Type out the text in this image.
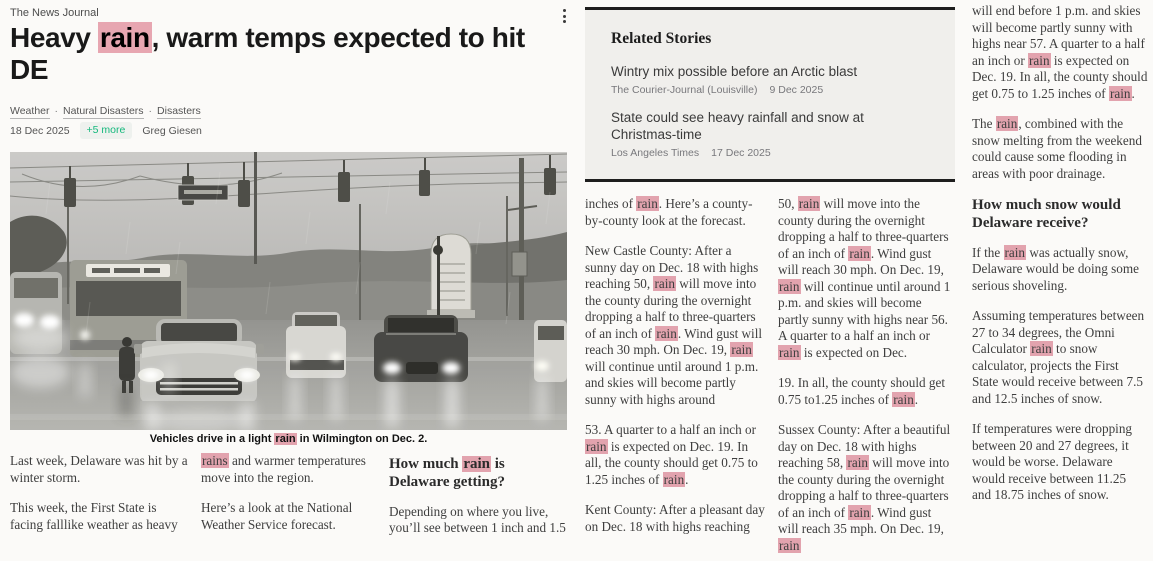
The News Journal
Heavy rain, warm temps expected to hit DE
Weather · Natural Disasters · Disasters
18 Dec 2025	+5 more	Greg Giesen
Vehicles drive in a light rain in Wilmington on Dec. 2.

Last week, Delaware was hit by a winter storm.

This week, the First State is facing falllike weather as heavy

rains and warmer temperatures move into the region.

Here’s a look at the National Weather Service forecast.

How much rain is Delaware getting?

Depending on where you live, you’ll see between 1 inch and 1.5

Related Stories
Wintry mix possible before an Arctic blast
The Courier-Journal (Louisville) 9 Dec 2025
State could see heavy rainfall and snow at Christmas-time
Los Angeles Times 17 Dec 2025

inches of rain. Here’s a county-by-county look at the forecast.

New Castle County: After a sunny day on Dec. 18 with highs reaching 50, rain will move into the county during the overnight dropping a half to three-quarters of an inch of rain. Wind gust will reach 30 mph. On Dec. 19, rain will continue until around 1 p.m. and skies will become partly sunny with highs around

53. A quarter to a half an inch or rain is expected on Dec. 19. In all, the county should get 0.75 to 1.25 inches of rain.

Kent County: After a pleasant day on Dec. 18 with highs reaching

50, rain will move into the county during the overnight dropping a half to three-quarters of an inch of rain. Wind gust will reach 30 mph. On Dec. 19, rain will continue until around 1 p.m. and skies will become partly sunny with highs near 56. A quarter to a half an inch or rain is expected on Dec.

19. In all, the county should get 0.75 to1.25 inches of rain.

Sussex County: After a beautiful day on Dec. 18 with highs reaching 58, rain will move into the county during the overnight dropping a half to three-quarters of an inch of rain. Wind gust will reach 35 mph. On Dec. 19, rain

will end before 1 p.m. and skies will become partly sunny with highs near 57. A quarter to a half an inch or rain is expected on Dec. 19. In all, the county should get 0.75 to 1.25 inches of rain.

The rain, combined with the snow melting from the weekend could cause some flooding in areas with poor drainage.

How much snow would Delaware receive?

If the rain was actually snow, Delaware would be doing some serious shoveling.

Assuming temperatures between 27 to 34 degrees, the Omni Calculator rain to snow calculator, projects the First State would receive between 7.5 and 12.5 inches of snow.

If temperatures were dropping between 20 and 27 degrees, it would be worse. Delaware would receive between 11.25 and 18.75 inches of snow.
